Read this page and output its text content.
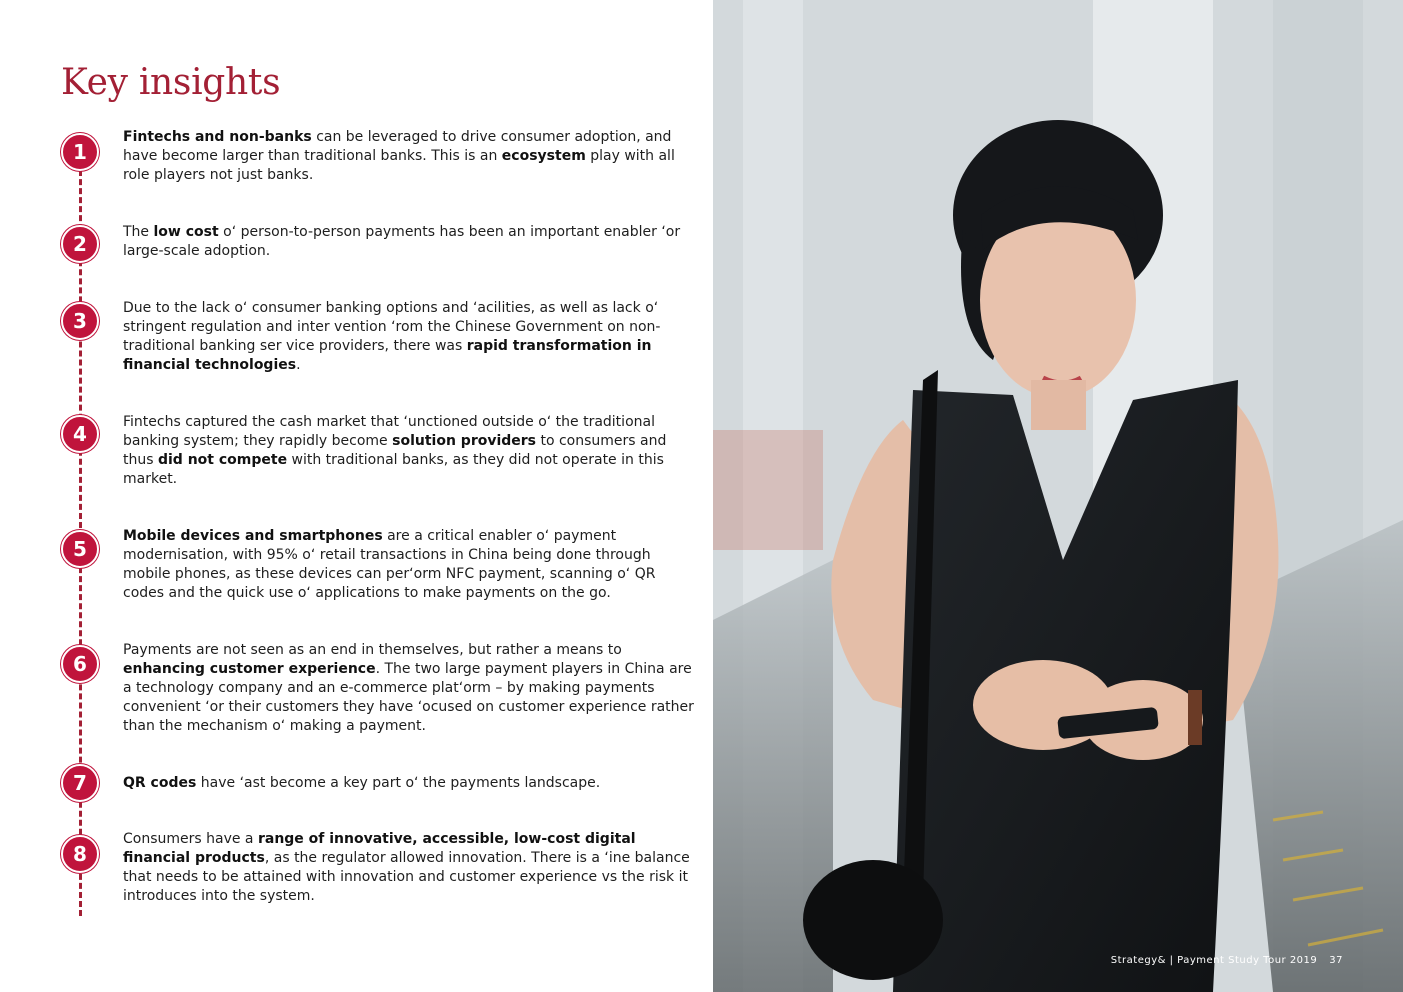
Key insights
1

Fintechs and non-banks can be leveraged to drive consumer adoption, and have become larger than traditional banks. This is an ecosystem play with all role players not just banks.

2	The low cost oʻ person-to-person payments has been an important enabler ʻor large-scale adoption.

3

Due to the lack oʻ consumer banking options and ʻacilities, as well as lack oʻ stringent regulation and inter vention ʻrom the Chinese Government on non-traditional banking ser vice providers, there was rapid transformation in financial technologies.

4	Fintechs captured the cash market that ʻunctioned outside oʻ the traditional banking system; they rapidly become solution providers to consumers and thus did not compete with traditional banks, as they did not operate in this market.

5

Mobile devices and smartphones are a critical enabler oʻ payment modernisation, with 95% oʻ retail transactions in China being done through mobile phones, as these devices can perʻorm NFC payment, scanning oʻ QR codes and the quick use oʻ applications to make payments on the go.

6

Payments are not seen as an end in themselves, but rather a means to enhancing customer experience. The two large payment players in China are a technology company and an e-commerce platʻorm – by making payments convenient ʻor their customers they have ʻocused on customer experience rather than the mechanism oʻ making a payment.

7	QR codes have ʻast become a key part oʻ the payments landscape.

8

Consumers have a range of innovative, accessible, low-cost digital financial products, as the regulator allowed innovation. There is a ʻine balance that needs to be attained with innovation and customer experience vs the risk it introduces into the system.

Strategy& | Payment Study Tour 2019 37
